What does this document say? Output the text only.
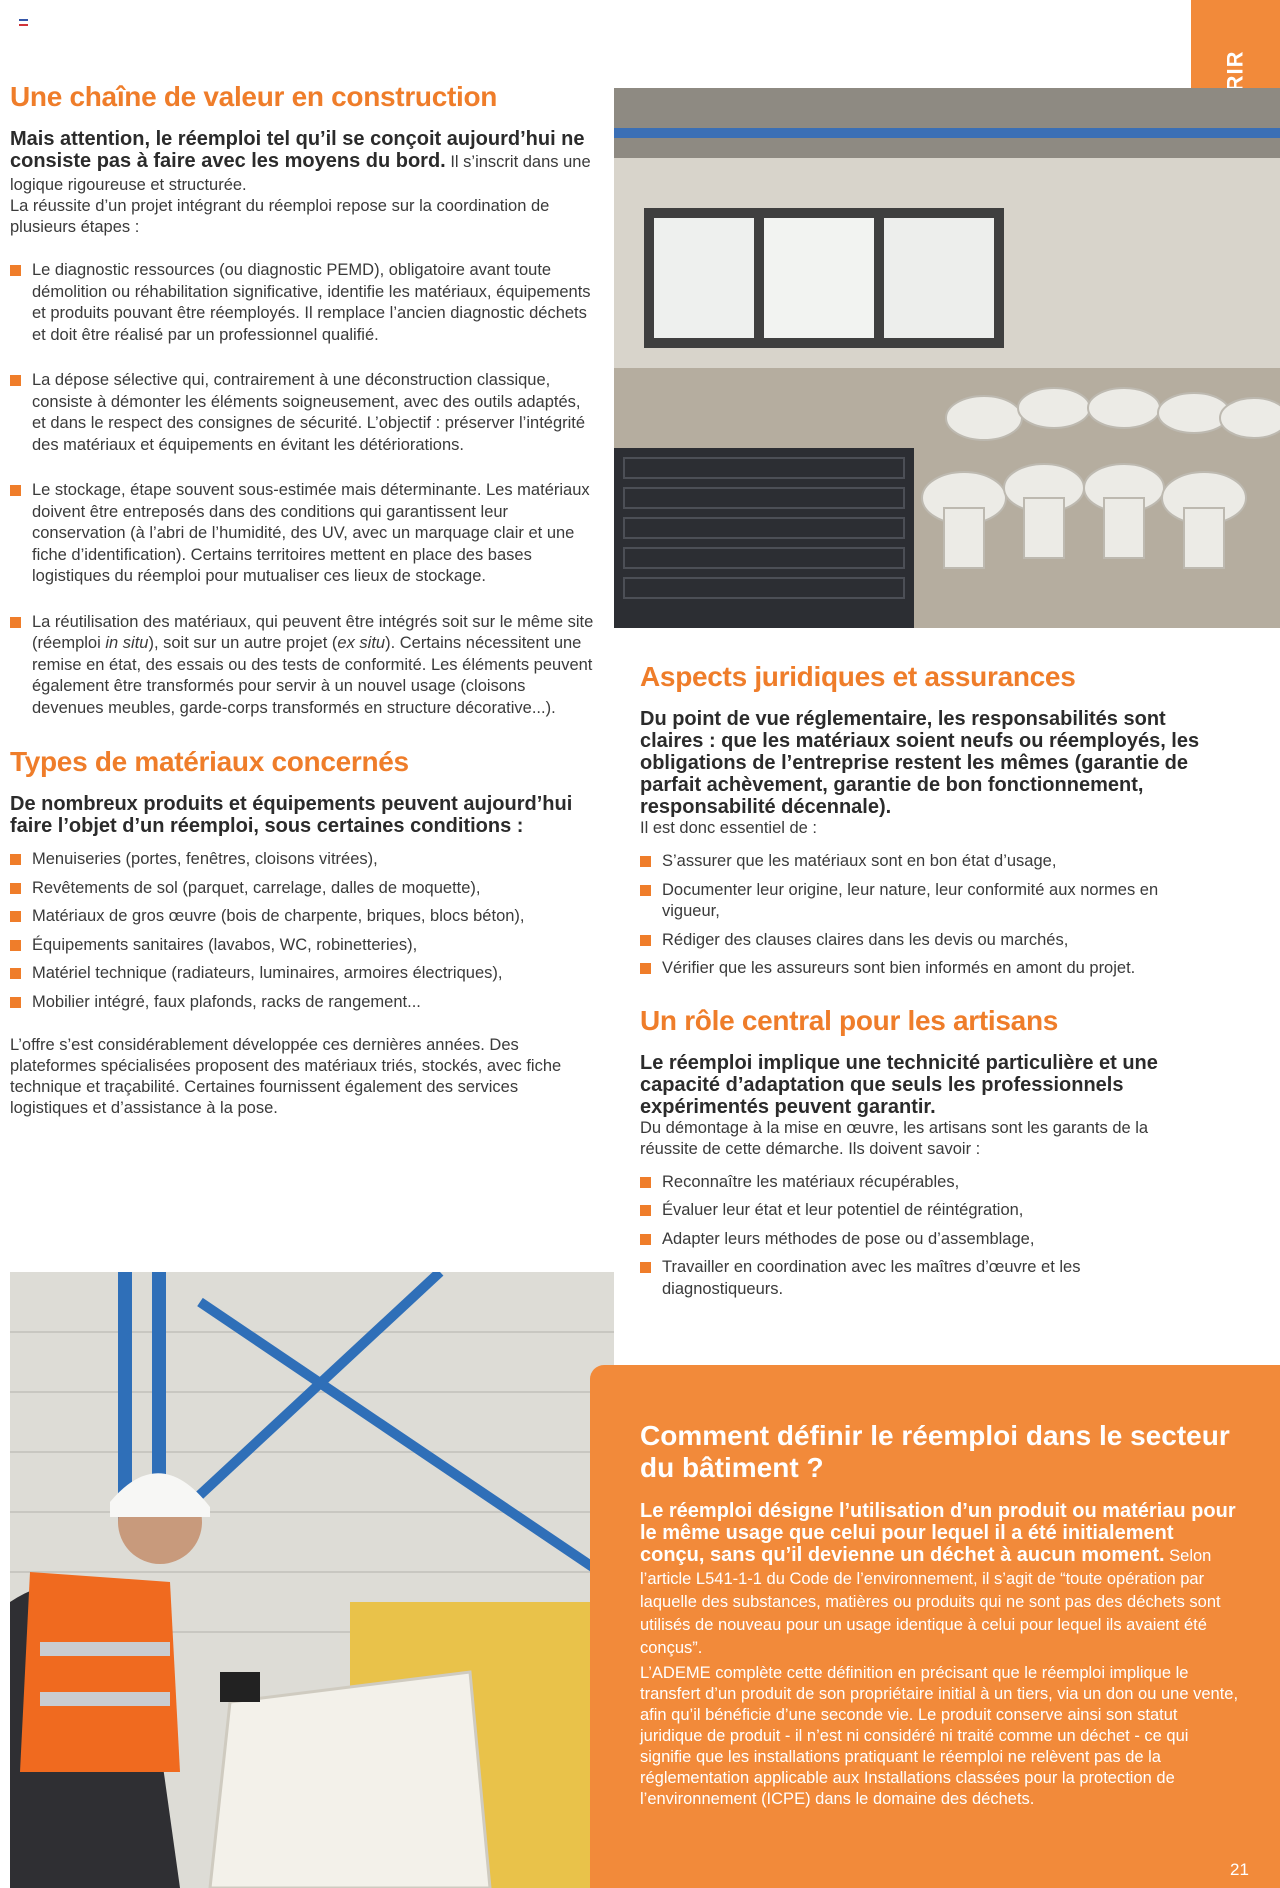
Une chaîne de valeur en construction

Mais attention, le réemploi tel qu’il se conçoit aujourd’hui ne consiste pas à faire avec les moyens du bord. Il s’inscrit dans une logique rigoureuse et structurée.

La réussite d’un projet intégrant du réemploi repose sur la coordination de plusieurs étapes :

Le diagnostic ressources (ou diagnostic PEMD), obligatoire avant toute démolition ou réhabilitation significative, identifie les matériaux, équipements et produits pouvant être réemployés. Il remplace l’ancien diagnostic déchets et doit être réalisé par un professionnel qualifié.
La dépose sélective qui, contrairement à une déconstruction classique, consiste à démonter les éléments soigneusement, avec des outils adaptés, et dans le respect des consignes de sécurité. L’objectif : préserver l’intégrité des matériaux et équipements en évitant les détériorations.
Le stockage, étape souvent sous-estimée mais déterminante. Les matériaux doivent être entreposés dans des conditions qui garantissent leur conservation (à l’abri de l’humidité, des UV, avec un marquage clair et une fiche d’identification). Certains territoires mettent en place des bases logistiques du réemploi pour mutualiser ces lieux de stockage.
La réutilisation des matériaux, qui peuvent être intégrés soit sur le même site (réemploi in situ), soit sur un autre projet (ex situ). Certains nécessitent une remise en état, des essais ou des tests de conformité. Les éléments peuvent également être transformés pour servir à un nouvel usage (cloisons devenues meubles, garde-corps transformés en structure décorative...).
Types de matériaux concernés

De nombreux produits et équipements peuvent aujourd’hui faire l’objet d’un réemploi, sous certaines conditions :

Menuiseries (portes, fenêtres, cloisons vitrées),
Revêtements de sol (parquet, carrelage, dalles de moquette),
Matériaux de gros œuvre (bois de charpente, briques, blocs béton),
Équipements sanitaires (lavabos, WC, robinetteries),
Matériel technique (radiateurs, luminaires, armoires électriques),
Mobilier intégré, faux plafonds, racks de rangement...

L’offre s’est considérablement développée ces dernières années. Des plateformes spécialisées proposent des matériaux triés, stockés, avec fiche technique et traçabilité. Certaines fournissent également des services logistiques et d’assistance à la pose.

Aspects juridiques et assurances

Du point de vue réglementaire, les responsabilités sont claires : que les matériaux soient neufs ou réemployés, les obligations de l’entreprise restent les mêmes (garantie de parfait achèvement, garantie de bon fonctionnement, responsabilité décennale).

Il est donc essentiel de :

S’assurer que les matériaux sont en bon état d’usage,
Documenter leur origine, leur nature, leur conformité aux normes en vigueur,
Rédiger des clauses claires dans les devis ou marchés,
Vérifier que les assureurs sont bien informés en amont du projet.
Un rôle central pour les artisans

Le réemploi implique une technicité particulière et une capacité d’adaptation que seuls les professionnels expérimentés peuvent garantir.

Du démontage à la mise en œuvre, les artisans sont les garants de la réussite de cette démarche. Ils doivent savoir :

Reconnaître les matériaux récupérables,
Évaluer leur état et leur potentiel de réintégration,
Adapter leurs méthodes de pose ou d’assemblage,
Travailler en coordination avec les maîtres d’œuvre et les diagnostiqueurs.
Comment définir le réemploi dans le secteur du bâtiment ?

Le réemploi désigne l’utilisation d’un produit ou matériau pour le même usage que celui pour lequel il a été initialement conçu, sans qu’il devienne un déchet à aucun moment. Selon l’article L541-1-1 du Code de l’environnement, il s’agit de “toute opération par laquelle des substances, matières ou produits qui ne sont pas des déchets sont utilisés de nouveau pour un usage identique à celui pour lequel ils avaient été conçus”.

L’ADEME complète cette définition en précisant que le réemploi implique le transfert d’un produit de son propriétaire initial à un tiers, via un don ou une vente, afin qu’il bénéficie d’une seconde vie. Le produit conserve ainsi son statut juridique de produit - il n’est ni considéré ni traité comme un déchet - ce qui signifie que les installations pratiquant le réemploi ne relèvent pas de la réglementation applicable aux Installations classées pour la protection de l’environnement (ICPE) dans le domaine des déchets.

21
